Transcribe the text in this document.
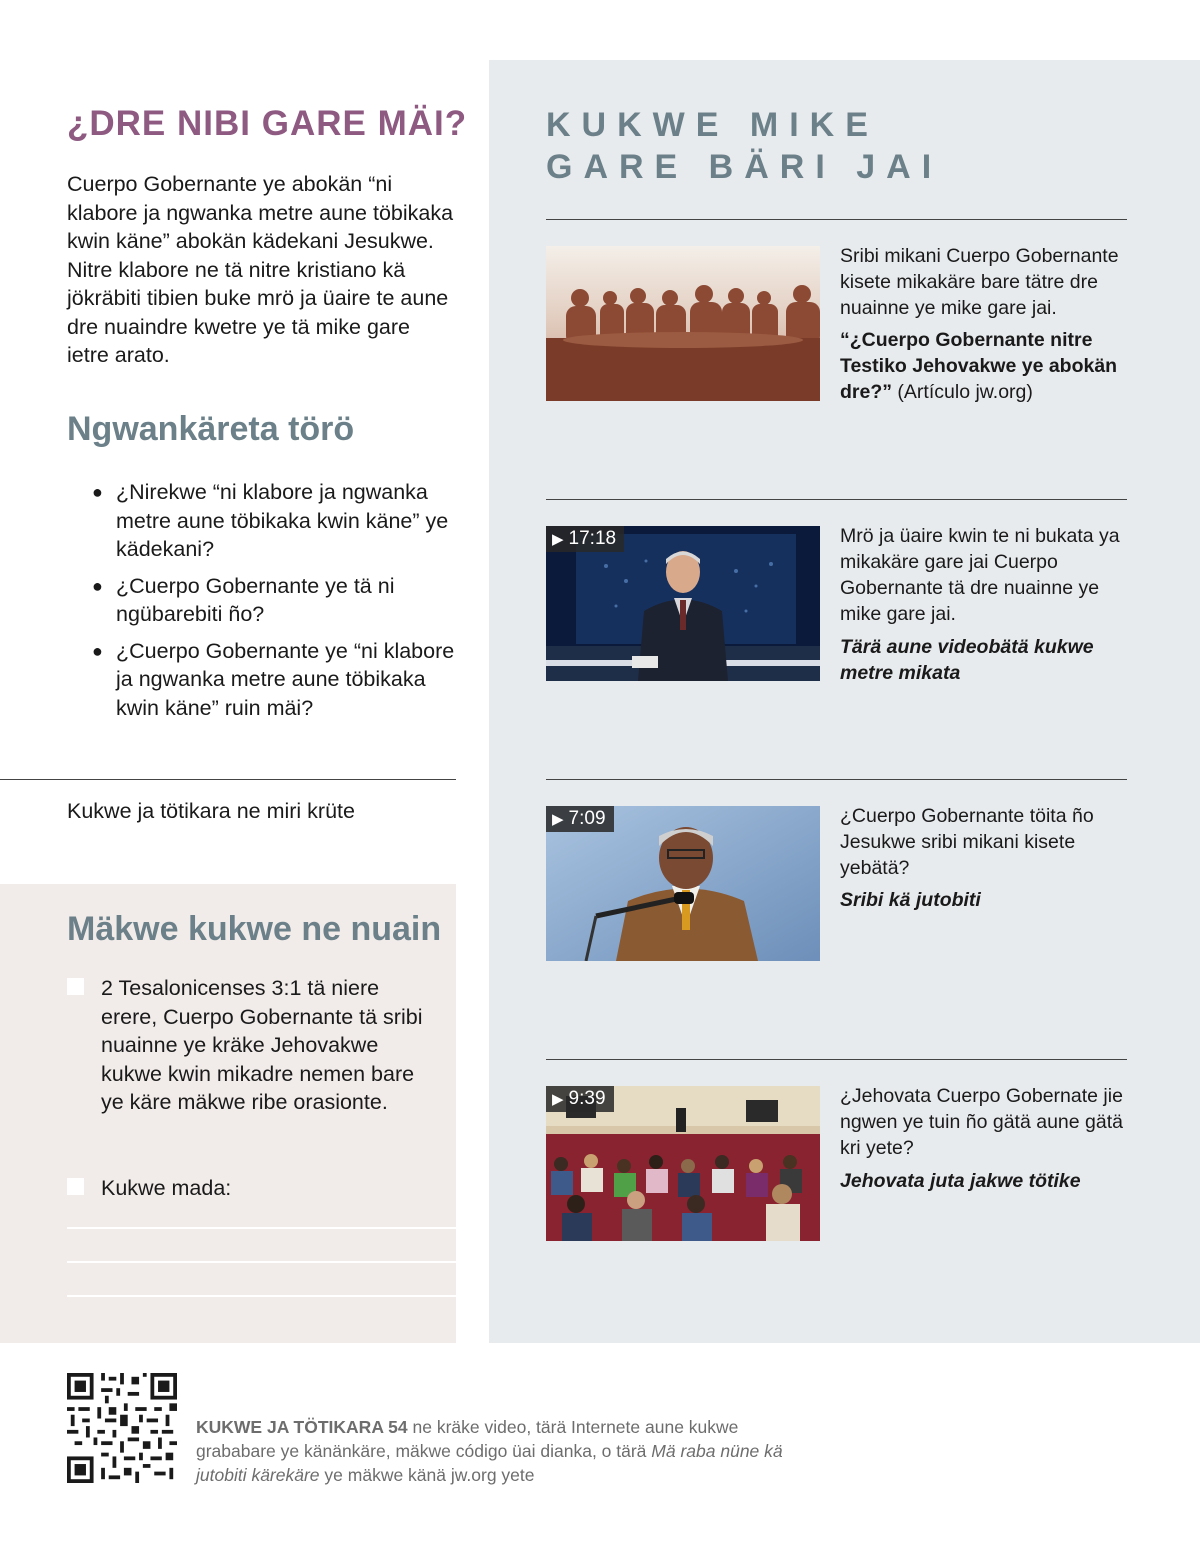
¿DRE NIBI GARE MÄI?

Cuerpo Gobernante ye abokän “ni klabore ja ngwanka metre aune töbikaka kwin käne” abokän kädekani Jesukwe. Nitre klabore ne tä nitre kristiano kä jökräbiti tibien buke mrö ja üaire te aune dre nuaindre kwetre ye tä mike gare ietre arato.

Ngwankäreta törö
● ¿Nirekwe “ni klabore ja ngwanka metre aune töbikaka kwin käne” ye kädekani?
● ¿Cuerpo Gobernante ye tä ni ngübarebiti ño?
● ¿Cuerpo Gobernante ye “ni klabore ja ngwanka metre aune töbikaka kwin käne” ruin mäi?

Kukwe ja tötikara ne miri krüte

Mäkwe kukwe ne nuain

2 Tesalonicenses 3:1 tä niere erere, Cuerpo Gobernante tä sribi nuainne ye kräke Jehovakwe kukwe kwin mikadre nemen bare ye käre mäkwe ribe orasionte.

Kukwe mada:

KUKWE MIKE
GARE BÄRI JAI

Sribi mikani Cuerpo Gobernante kisete mikakäre bare tätre dre nuainne ye mike gare jai.

“¿Cuerpo Gobernante nitre Testiko Jehovakwe ye abokän dre?” (Artículo jw.org)

▶ 17:18	Mrö ja üaire kwin te ni bukata ya mikakäre gare jai Cuerpo Gobernante tä dre nuainne ye mike gare jai.

Tärä aune videobätä kukwe metre mikata

▶ 7:09	¿Cuerpo Gobernante töita ño Jesukwe sribi mikani kisete yebätä?

Sribi kä jutobiti

▶ 9:39	¿Jehovata Cuerpo Gobernate jie ngwen ye tuin ño gätä aune gätä kri yete?

Jehovata juta jakwe tötike

KUKWE JA TÖTIKARA 54 ne kräke video, tärä Internete aune kukwe grababare ye känänkäre, mäkwe código üai dianka, o tärä Mä raba nüne kä jutobiti kärekäre ye mäkwe känä jw.org yete
